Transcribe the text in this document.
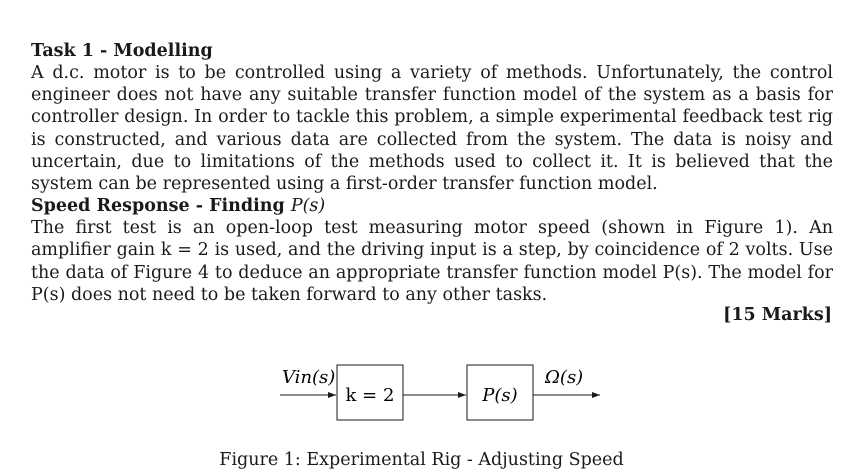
Task 1 - Modelling

A d.c. motor is to be controlled using a variety of methods. Unfortunately, the control engineer does not have any suitable transfer function model of the system as a basis for controller design. In order to tackle this problem, a simple experimental feedback test rig is constructed, and various data are collected from the system. The data is noisy and uncertain, due to limitations of the methods used to collect it. It is believed that the system can be represented using a first-order transfer function model.

Speed Response - Finding P(s)

The first test is an open-loop test measuring motor speed (shown in Figure 1). An amplifier gain k = 2 is used, and the driving input is a step, by coincidence of 2 volts. Use the data of Figure 4 to deduce an appropriate transfer function model P(s). The model for P(s) does not need to be taken forward to any other tasks.

[15 Marks]
Vin(s)
k = 2	P(s)
Ω(s)
Figure 1: Experimental Rig - Adjusting Speed
